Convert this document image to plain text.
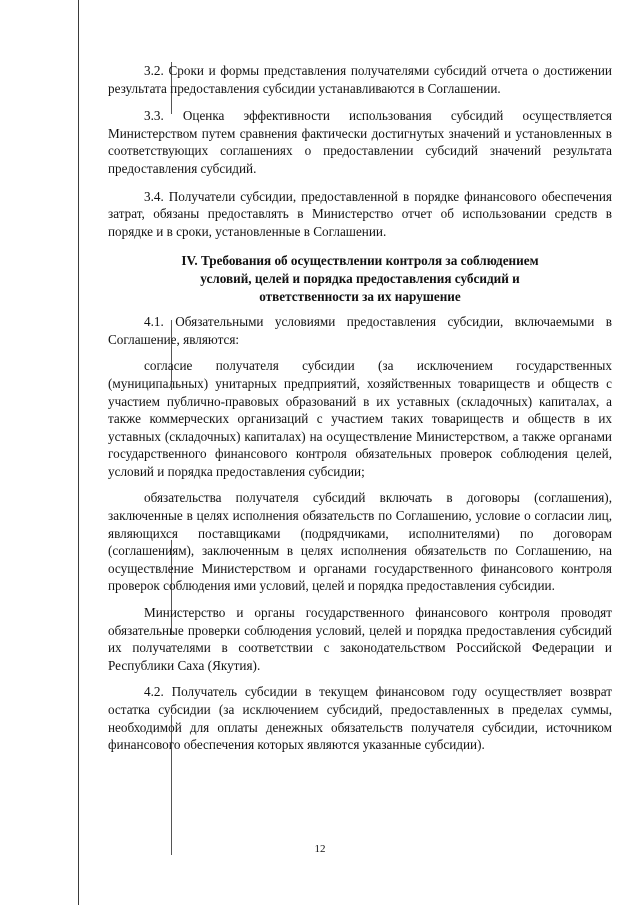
3.2. Сроки и формы представления получателями субсидий отчета о достижении результата предоставления субсидии устанавливаются в Соглашении.

3.3. Оценка эффективности использования субсидий осуществляется Министерством путем сравнения фактически достигнутых значений и установленных в соответствующих соглашениях о предоставлении субсидий значений результата предоставления субсидий.

3.4. Получатели субсидии, предоставленной в порядке финансового обеспечения затрат, обязаны предоставлять в Министерство отчет об использовании средств в порядке и в сроки, установленные в Соглашении.

IV. Требования об осуществлении контроля за соблюдением
условий, целей и порядка предоставления субсидий и
ответственности за их нарушение

4.1. Обязательными условиями предоставления субсидии, включаемыми в Соглашение, являются:

согласие получателя субсидии (за исключением государственных (муниципальных) унитарных предприятий, хозяйственных товариществ и обществ с участием публично-правовых образований в их уставных (складочных) капиталах, а также коммерческих организаций с участием таких товариществ и обществ в их уставных (складочных) капиталах) на осуществление Министерством, а также органами государственного финансового контроля обязательных проверок соблюдения целей, условий и порядка предоставления субсидии;

обязательства получателя субсидий включать в договоры (соглашения), заключенные в целях исполнения обязательств по Соглашению, условие о согласии лиц, являющихся поставщиками (подрядчиками, исполнителями) по договорам (соглашениям), заключенным в целях исполнения обязательств по Соглашению, на осуществление Министерством и органами государственного финансового контроля проверок соблюдения ими условий, целей и порядка предоставления субсидии.

Министерство и органы государственного финансового контроля проводят обязательные проверки соблюдения условий, целей и порядка предоставления субсидий их получателями в соответствии с законодательством Российской Федерации и Республики Саха (Якутия).

4.2. Получатель субсидии в текущем финансовом году осуществляет возврат остатка субсидии (за исключением субсидий, предоставленных в пределах суммы, необходимой для оплаты денежных обязательств получателя субсидии, источником финансового обеспечения которых являются указанные субсидии).

12
